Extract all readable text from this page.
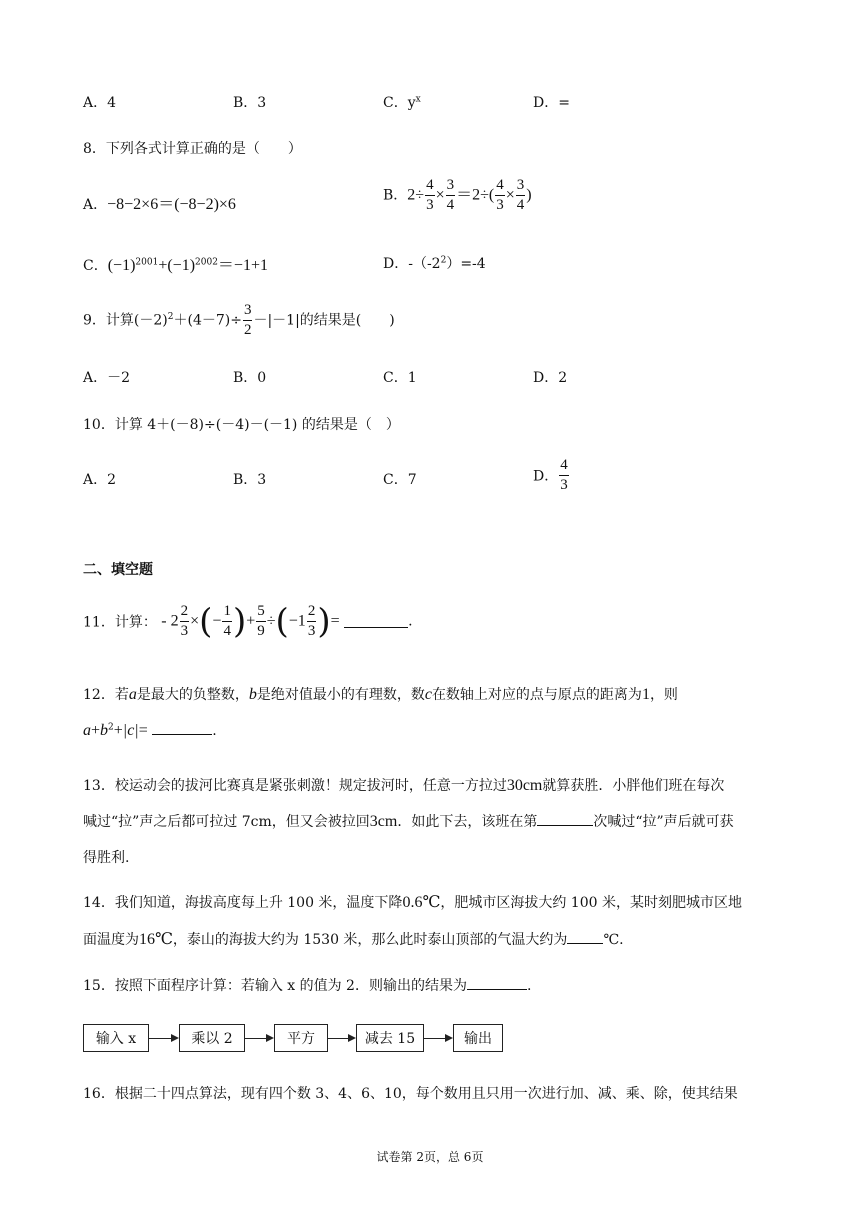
A．4	B．3	C．$y^x$	D．=
8．下列各式计算正确的是（　　）
A．−8−2×6＝(−8−2)×6
B．$2\div \frac{4}{3} \times \frac{3}{4} =2\div( \frac{4}{3} \times \frac{3}{4}$ )
C．$(-1)^{2001}+(-1)^{2002}=-1+1$	D．$-(-2^2)=-4$
9．计算$(-2)^2+(4-7)\div \frac{3}{2} -|-1|$的结果是(　　)
A．－2	B．0	C．1	D．2
10．计算 4＋(－8)÷(－4)－(－1) 的结果是（　）
A．2	B．3	C．7	D． $\frac{4}{3}$
二、填空题
11．计算： - $2 \frac{2}{3}$ ×(− $\frac{1}{4}$ )+ $\frac{5}{9} \div(-1 \frac{2}{3}$ )=	.
12．若a是最大的负整数，b是绝对值最小的有理数，数c在数轴上对应的点与原点的距离为1，则
$a+b^2+|c|=$	.
13．校运动会的拔河比赛真是紧张刺激！规定拔河时，任意一方拉过30cm就算获胜．小胖他们班在每次
喊过“拉”声之后都可拉过 7cm，但又会被拉回3cm．如此下去，该班在第	次喊过“拉”声后就可获
得胜利.
14．我们知道，海拔高度每上升 100 米，温度下降0.6℃，肥城市区海拔大约 100 米，某时刻肥城市区地
面温度为16℃，泰山的海拔大约为 1530 米，那么此时泰山顶部的气温大约为	℃.
15．按照下面程序计算：若输入 x 的值为 2．则输出的结果为	.
输入 x	乘以 2	平方	减去 15	输出
16．根据二十四点算法，现有四个数 3、4、6、10，每个数用且只用一次进行加、减、乘、除，使其结果
试卷第 2页，总 6页
